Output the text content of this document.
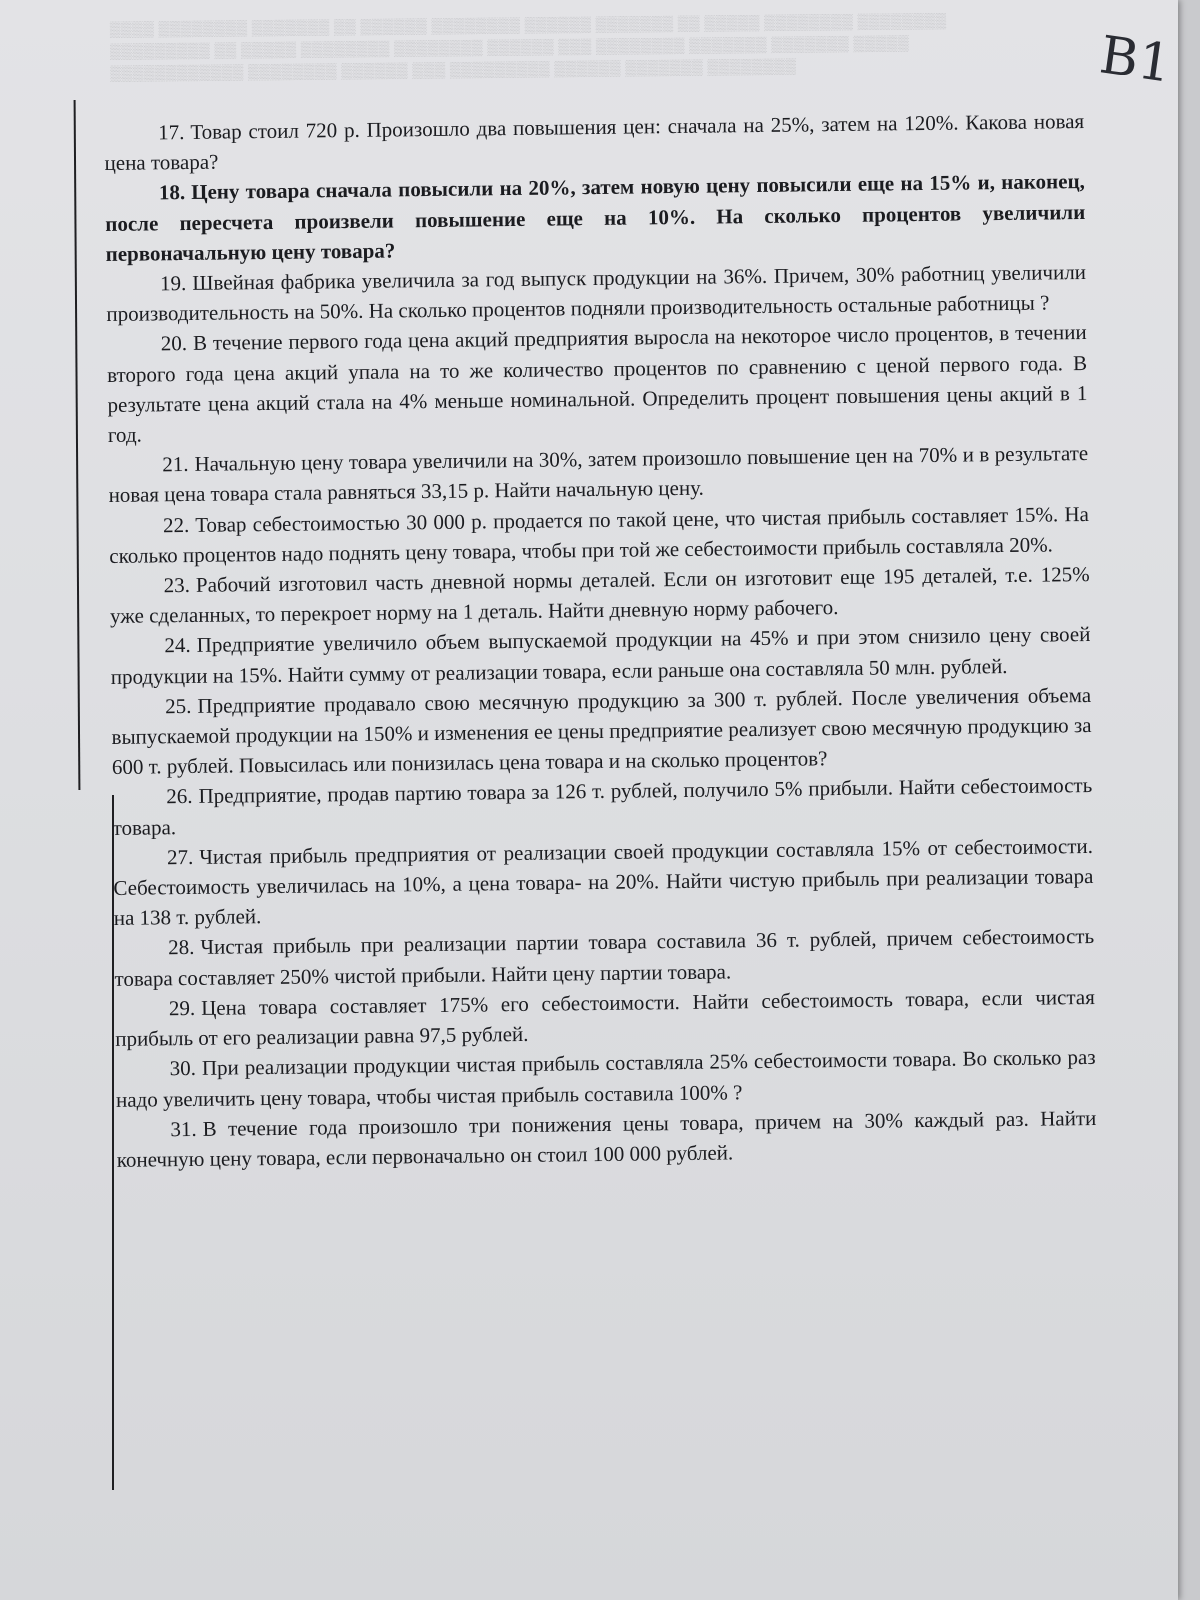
▒▒▒▒ ▒▒▒▒▒▒▒▒ ▒▒▒▒▒▒▒ ▒▒ ▒▒▒▒▒▒ ▒▒▒▒▒▒▒▒ ▒▒▒▒▒▒ ▒▒▒▒▒▒▒ ▒▒ ▒▒▒▒▒ ▒▒▒▒▒▒▒▒ ▒▒▒▒▒▒▒▒
▒▒▒▒▒▒▒▒▒ ▒▒ ▒▒▒▒▒ ▒▒▒▒▒▒▒▒ ▒▒▒▒▒▒▒▒ ▒▒▒▒▒▒ ▒▒▒ ▒▒▒▒▒▒▒▒ ▒▒▒▒▒▒▒ ▒▒▒▒▒▒▒ ▒▒▒▒▒
▒▒▒▒▒▒▒▒▒▒▒▒ ▒▒▒▒▒▒▒▒ ▒▒▒▒▒▒ ▒▒▒ ▒▒▒▒▒▒▒▒▒ ▒▒▒▒▒▒ ▒▒▒▒▒▒▒ ▒▒▒▒▒▒▒▒	В1

17. Товар стоил 720 р. Произошло два повышения цен: сначала на 25%, затем на 120%. Какова новая цена товара?

18. Цену товара сначала повысили на 20%, затем новую цену повысили еще на 15% и, наконец, после пересчета произвели повышение еще на 10%. На сколько процентов увеличили первоначальную цену товара?

19. Швейная фабрика увеличила за год выпуск продукции на 36%. Причем, 30% работниц увеличили производительность на 50%. На сколько процентов подняли производительность остальные работницы ?

20. В течение первого года цена акций предприятия выросла на некоторое число процентов, в течении второго года цена акций упала на то же количество процентов по сравнению с ценой первого года. В результате цена акций стала на 4% меньше номинальной. Определить процент повышения цены акций в 1 год.

21. Начальную цену товара увеличили на 30%, затем произошло повышение цен на 70% и в результате новая цена товара стала равняться 33,15 р. Найти начальную цену.

22. Товар себестоимостью 30 000 р. продается по такой цене, что чистая прибыль составляет 15%. На сколько процентов надо поднять цену товара, чтобы при той же себестоимости прибыль составляла 20%.

23. Рабочий изготовил часть дневной нормы деталей. Если он изготовит еще 195 деталей, т.е. 125% уже сделанных, то перекроет норму на 1 деталь. Найти дневную норму рабочего.

24. Предприятие увеличило объем выпускаемой продукции на 45% и при этом снизило цену своей продукции на 15%. Найти сумму от реализации товара, если раньше она составляла 50 млн. рублей.

25. Предприятие продавало свою месячную продукцию за 300 т. рублей. После увеличения объема выпускаемой продукции на 150% и изменения ее цены предприятие реализует свою месячную продукцию за 600 т. рублей. Повысилась или понизилась цена товара и на сколько процентов?

26. Предприятие, продав партию товара за 126 т. рублей, получило 5% прибыли. Найти себестоимость товара.

27. Чистая прибыль предприятия от реализации своей продукции составляла 15% от себестоимости. Себестоимость увеличилась на 10%, а цена товара- на 20%. Найти чистую прибыль при реализации товара на 138 т. рублей.

28. Чистая прибыль при реализации партии товара составила 36 т. рублей, причем себестоимость товара составляет 250% чистой прибыли. Найти цену партии товара.

29. Цена товара составляет 175% его себестоимости. Найти себестоимость товара, если чистая прибыль от его реализации равна 97,5 рублей.

30. При реализации продукции чистая прибыль составляла 25% себестоимости товара. Во сколько раз надо увеличить цену товара, чтобы чистая прибыль составила 100% ?

31. В течение года произошло три понижения цены товара, причем на 30% каждый раз. Найти конечную цену товара, если первоначально он стоил 100 000 рублей.
